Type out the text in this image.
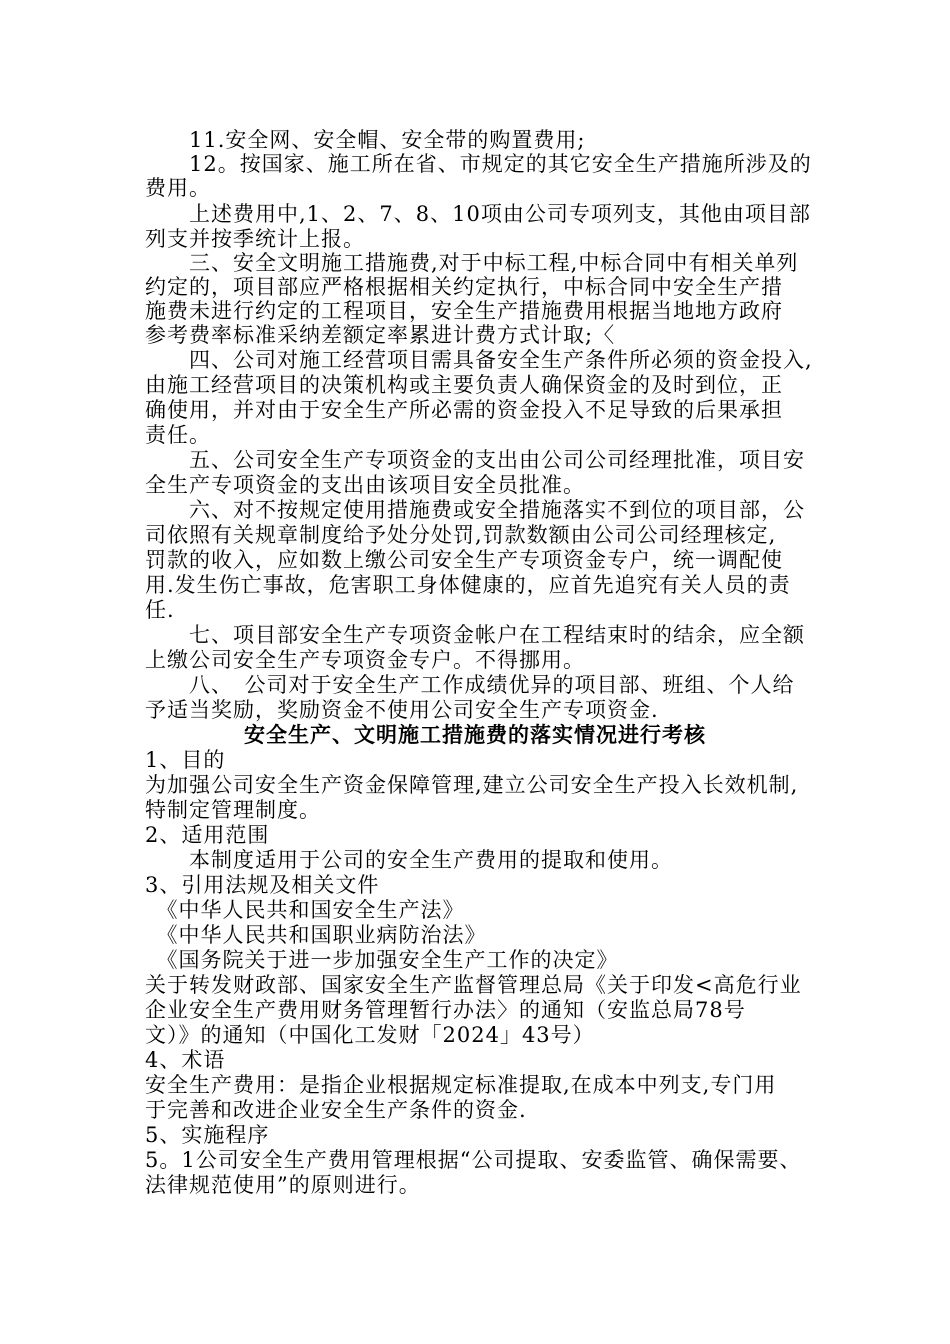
　　11.安全网、安全帽、安全带的购置费用;
　　12。按国家、施工所在省、市规定的其它安全生产措施所涉及的
费用。
　　上述费用中,1、2、7、8、10项由公司专项列支，其他由项目部
列支并按季统计上报。
　　三、安全文明施工措施费,对于中标工程,中标合同中有相关单列
约定的，项目部应严格根据相关约定执行，中标合同中安全生产措
施费未进行约定的工程项目，安全生产措施费用根据当地地方政府
参考费率标准采纳差额定率累进计费方式计取;〈
　　四、公司对施工经营项目需具备安全生产条件所必须的资金投入,
由施工经营项目的决策机构或主要负责人确保资金的及时到位，正
确使用，并对由于安全生产所必需的资金投入不足导致的后果承担
责任。
　　五、公司安全生产专项资金的支出由公司公司经理批准，项目安
全生产专项资金的支出由该项目安全员批准。
　　六、对不按规定使用措施费或安全措施落实不到位的项目部，公
司依照有关规章制度给予处分处罚,罚款数额由公司公司经理核定,
罚款的收入，应如数上缴公司安全生产专项资金专户，统一调配使
用.发生伤亡事故，危害职工身体健康的，应首先追究有关人员的责
任.
　　七、项目部安全生产专项资金帐户在工程结束时的结余，应全额
上缴公司安全生产专项资金专户。不得挪用。
　　八、　公司对于安全生产工作成绩优异的项目部、班组、个人给
予适当奖励，奖励资金不使用公司安全生产专项资金.
安全生产、文明施工措施费的落实情况进行考核
1、目的
为加强公司安全生产资金保障管理,建立公司安全生产投入长效机制,
特制定管理制度。
2、适用范围
　　本制度适用于公司的安全生产费用的提取和使用。
3、引用法规及相关文件
　《中华人民共和国安全生产法》
　《中华人民共和国职业病防治法》
　《国务院关于进一步加强安全生产工作的决定》
关于转发财政部、国家安全生产监督管理总局《关于印发<高危行业
企业安全生产费用财务管理暂行办法〉的通知（安监总局78号
文）》的通知（中国化工发财「2024」43号）
4、术语
安全生产费用：是指企业根据规定标准提取,在成本中列支,专门用
于完善和改进企业安全生产条件的资金.
5、实施程序
5。1公司安全生产费用管理根据“公司提取、安委监管、确保需要、
法律规范使用”的原则进行。
